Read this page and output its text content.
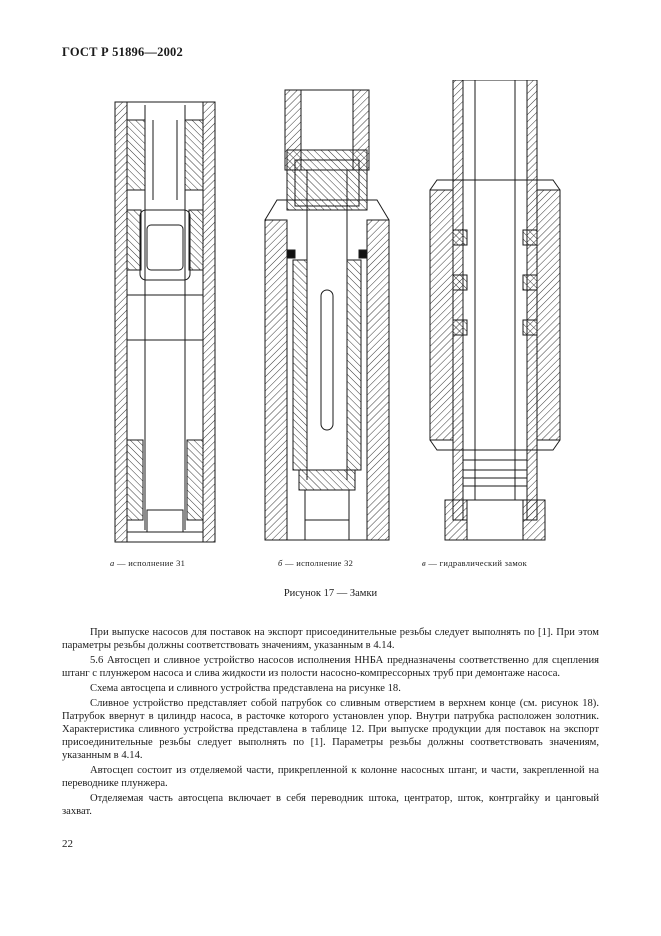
ГОСТ Р 51896—2002
а — исполнение 31	б — исполнение 32	в — гидравлический замок
Рисунок 17 — Замки

При выпуске насосов для поставок на экспорт присоединительные резьбы следует выполнять по [1]. При этом параметры резьбы должны соответствовать значениям, указанным в 4.14.

5.6 Автосцеп и сливное устройство насосов исполнения ННБА предназначены соответственно для сцепления штанг с плунжером насоса и слива жидкости из полости насосно-компрессорных труб при демонтаже насоса.

Схема автосцепа и сливного устройства представлена на рисунке 18.

Сливное устройство представляет собой патрубок со сливным отверстием в верхнем конце (см. рисунок 18). Патрубок ввернут в цилиндр насоса, в расточке которого установлен упор. Внутри патрубка расположен золотник. Характеристика сливного устройства представлена в таблице 12. При выпуске продукции для поставок на экспорт присоединительные резьбы следует выполнять по [1]. Параметры резьбы должны соответствовать значениям, указанным в 4.14.

Автосцеп состоит из отделяемой части, прикрепленной к колонне насосных штанг, и части, закрепленной на переводнике плунжера.

Отделяемая часть автосцепа включает в себя переводник штока, центратор, шток, контргайку и цанговый захват.

22
